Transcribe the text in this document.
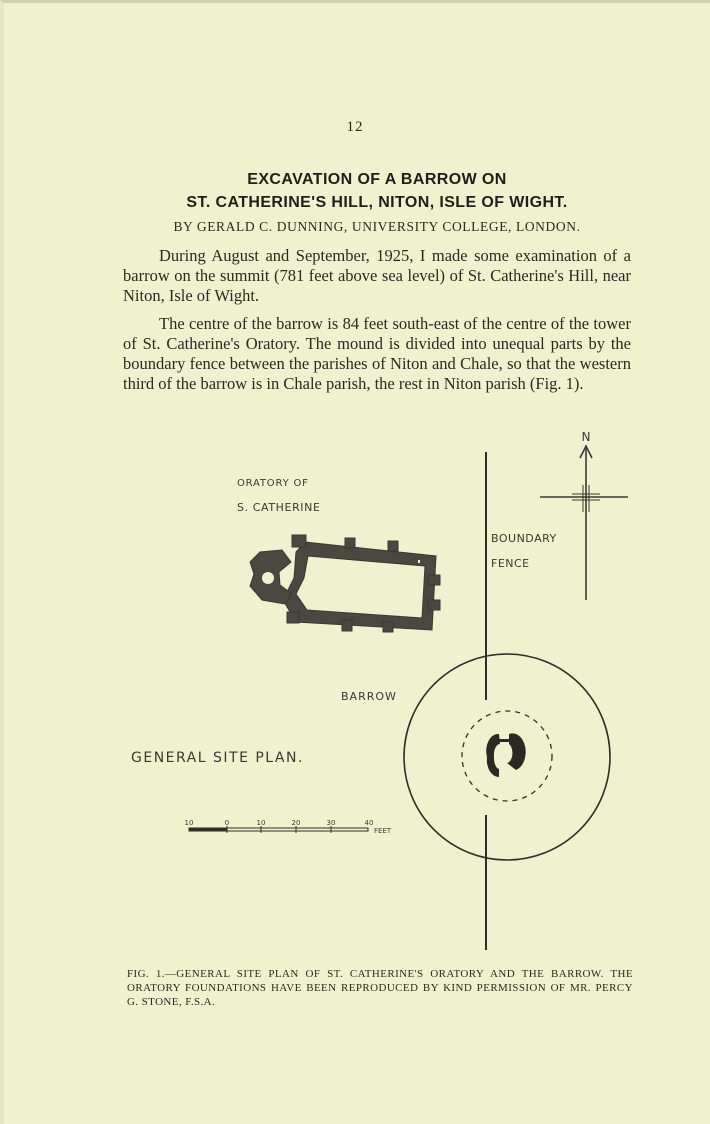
12
EXCAVATION OF A BARROW ON
ST. CATHERINE'S HILL, NITON, ISLE OF WIGHT.
BY GERALD C. DUNNING, UNIVERSITY COLLEGE, LONDON.
During August and September, 1925, I made some examination of a barrow on the summit (781 feet above sea level) of St. Catherine's Hill, near Niton, Isle of Wight.
The centre of the barrow is 84 feet south-east of the centre of the tower of St. Catherine's Oratory. The mound is divided into unequal parts by the boundary fence between the parishes of Niton and Chale, so that the western third of the barrow is in Chale parish, the rest in Niton parish (Fig. 1).
N
BOUNDARY
FENCE
ORATORY OF
S. CATHERINE
BARROW
GENERAL SITE PLAN.
10	0	10	20	30	40
FEET
FIG. 1.—GENERAL SITE PLAN OF ST. CATHERINE'S ORATORY AND THE BARROW. THE ORATORY FOUNDATIONS HAVE BEEN REPRODUCED BY KIND PERMISSION OF MR. PERCY G. STONE, F.S.A.
